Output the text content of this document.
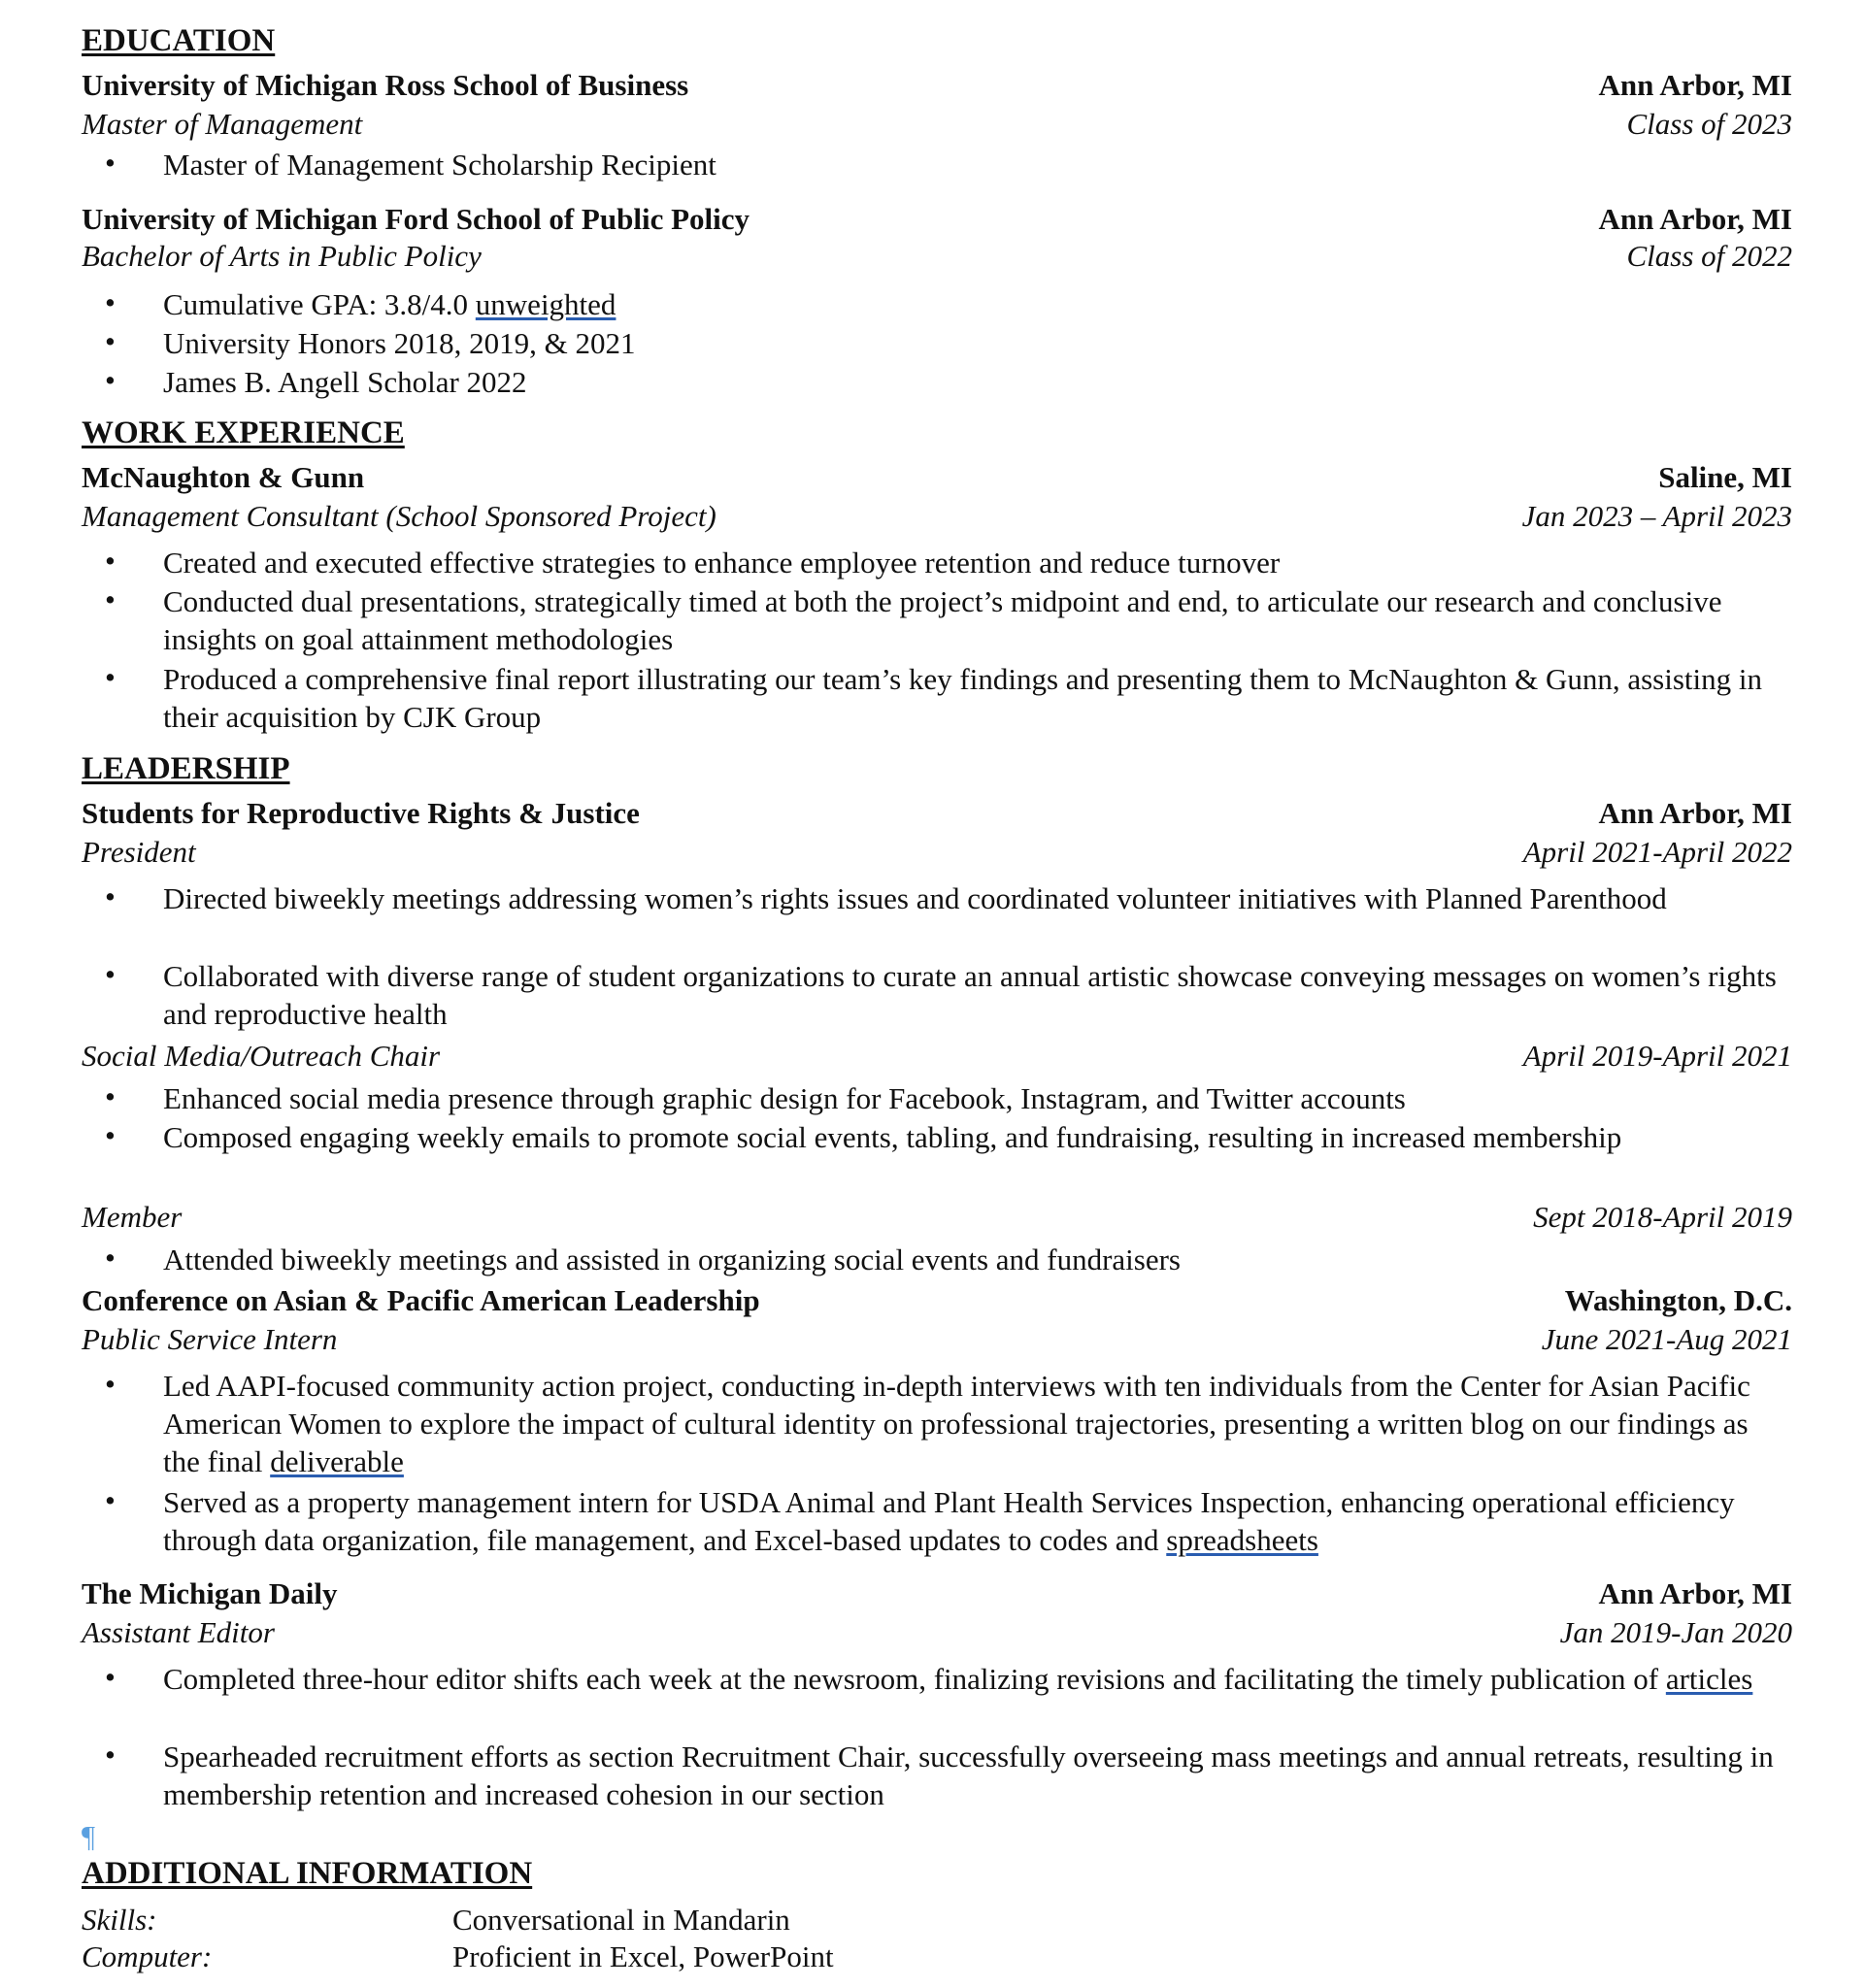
EDUCATION
University of Michigan Ross School of Business	Ann Arbor, MI
Master of Management	Class of 2023
•	Master of Management Scholarship Recipient
University of Michigan Ford School of Public Policy	Ann Arbor, MI
Bachelor of Arts in Public Policy	Class of 2022
•	Cumulative GPA: 3.8/4.0 unweighted
•	University Honors 2018, 2019, & 2021
•	James B. Angell Scholar 2022
WORK EXPERIENCE
McNaughton & Gunn	Saline, MI
Management Consultant (School Sponsored Project)	Jan 2023 – April 2023
•	Created and executed effective strategies to enhance employee retention and reduce turnover
•	Conducted dual presentations, strategically timed at both the project’s midpoint and end, to articulate our research and conclusive insights on goal attainment methodologies
•	Produced a comprehensive final report illustrating our team’s key findings and presenting them to McNaughton & Gunn, assisting in their acquisition by CJK Group
LEADERSHIP
Students for Reproductive Rights & Justice	Ann Arbor, MI
President	April 2021-April 2022
•	Directed biweekly meetings addressing women’s rights issues and coordinated volunteer initiatives with Planned Parenthood
•	Collaborated with diverse range of student organizations to curate an annual artistic showcase conveying messages on women’s rights and reproductive health
Social Media/Outreach Chair	April 2019-April 2021
•	Enhanced social media presence through graphic design for Facebook, Instagram, and Twitter accounts
•	Composed engaging weekly emails to promote social events, tabling, and fundraising, resulting in increased membership
Member	Sept 2018-April 2019
•	Attended biweekly meetings and assisted in organizing social events and fundraisers
Conference on Asian & Pacific American Leadership	Washington, D.C.
Public Service Intern	June 2021-Aug 2021
•	Led AAPI-focused community action project, conducting in-depth interviews with ten individuals from the Center for Asian Pacific American Women to explore the impact of cultural identity on professional trajectories, presenting a written blog on our findings as the final deliverable
•	Served as a property management intern for USDA Animal and Plant Health Services Inspection, enhancing operational efficiency through data organization, file management, and Excel-based updates to codes and spreadsheets
The Michigan Daily	Ann Arbor, MI
Assistant Editor	Jan 2019-Jan 2020
•	Completed three-hour editor shifts each week at the newsroom, finalizing revisions and facilitating the timely publication of articles
•	Spearheaded recruitment efforts as section Recruitment Chair, successfully overseeing mass meetings and annual retreats, resulting in membership retention and increased cohesion in our section
¶
ADDITIONAL INFORMATION
Skills:	Conversational in Mandarin
Computer:	Proficient in Excel, PowerPoint
